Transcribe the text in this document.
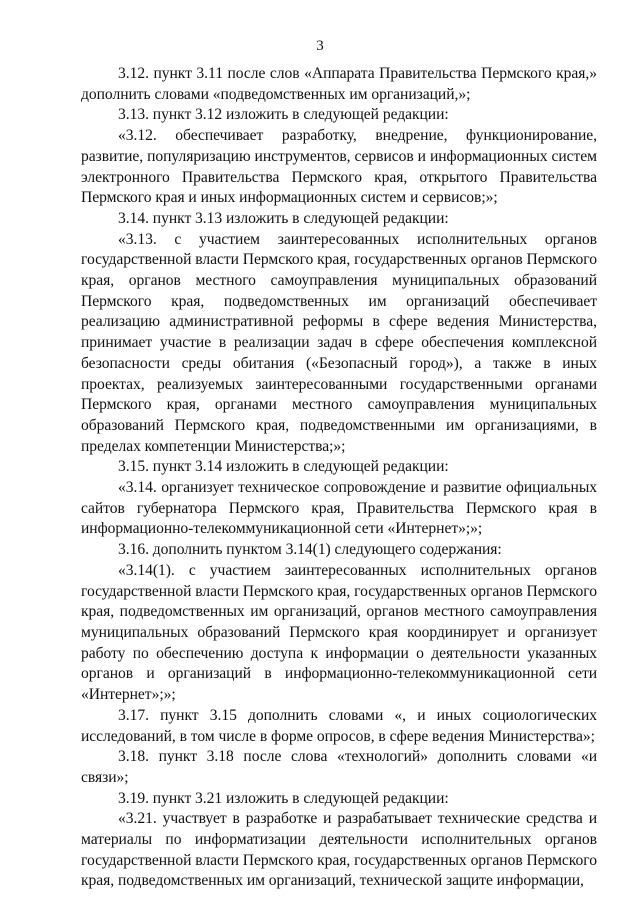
3

3.12. пункт 3.11 после слов «Аппарата Правительства Пермского края,» дополнить словами «подведомственных им организаций,»;

3.13. пункт 3.12 изложить в следующей редакции:

«3.12. обеспечивает разработку, внедрение, функционирование, развитие, популяризацию инструментов, сервисов и информационных систем электронного Правительства Пермского края, открытого Правительства Пермского края и иных информационных систем и сервисов;»;

3.14. пункт 3.13 изложить в следующей редакции:

«3.13. с участием заинтересованных исполнительных органов государственной власти Пермского края, государственных органов Пермского края, органов местного самоуправления муниципальных образований Пермского края, подведомственных им организаций обеспечивает реализацию административной реформы в сфере ведения Министерства, принимает участие в реализации задач в сфере обеспечения комплексной безопасности среды обитания («Безопасный город»), а также в иных проектах, реализуемых заинтересованными государственными органами Пермского края, органами местного самоуправления муниципальных образований Пермского края, подведомственными им организациями, в пределах компетенции Министерства;»;

3.15. пункт 3.14 изложить в следующей редакции:

«3.14. организует техническое сопровождение и развитие официальных сайтов губернатора Пермского края, Правительства Пермского края в информационно-телекоммуникационной сети «Интернет»;»;

3.16. дополнить пунктом 3.14(1) следующего содержания:

«3.14(1). с участием заинтересованных исполнительных органов государственной власти Пермского края, государственных органов Пермского края, подведомственных им организаций, органов местного самоуправления муниципальных образований Пермского края координирует и организует работу по обеспечению доступа к информации о деятельности указанных органов и организаций в информационно-телекоммуникационной сети «Интернет»;»;

3.17. пункт 3.15 дополнить словами «, и иных социологических исследований, в том числе в форме опросов, в сфере ведения Министерства»;

3.18. пункт 3.18 после слова «технологий» дополнить словами «и связи»;

3.19. пункт 3.21 изложить в следующей редакции:

«3.21. участвует в разработке и разрабатывает технические средства и материалы по информатизации деятельности исполнительных органов государственной власти Пермского края, государственных органов Пермского края, подведомственных им организаций, технической защите информации,
